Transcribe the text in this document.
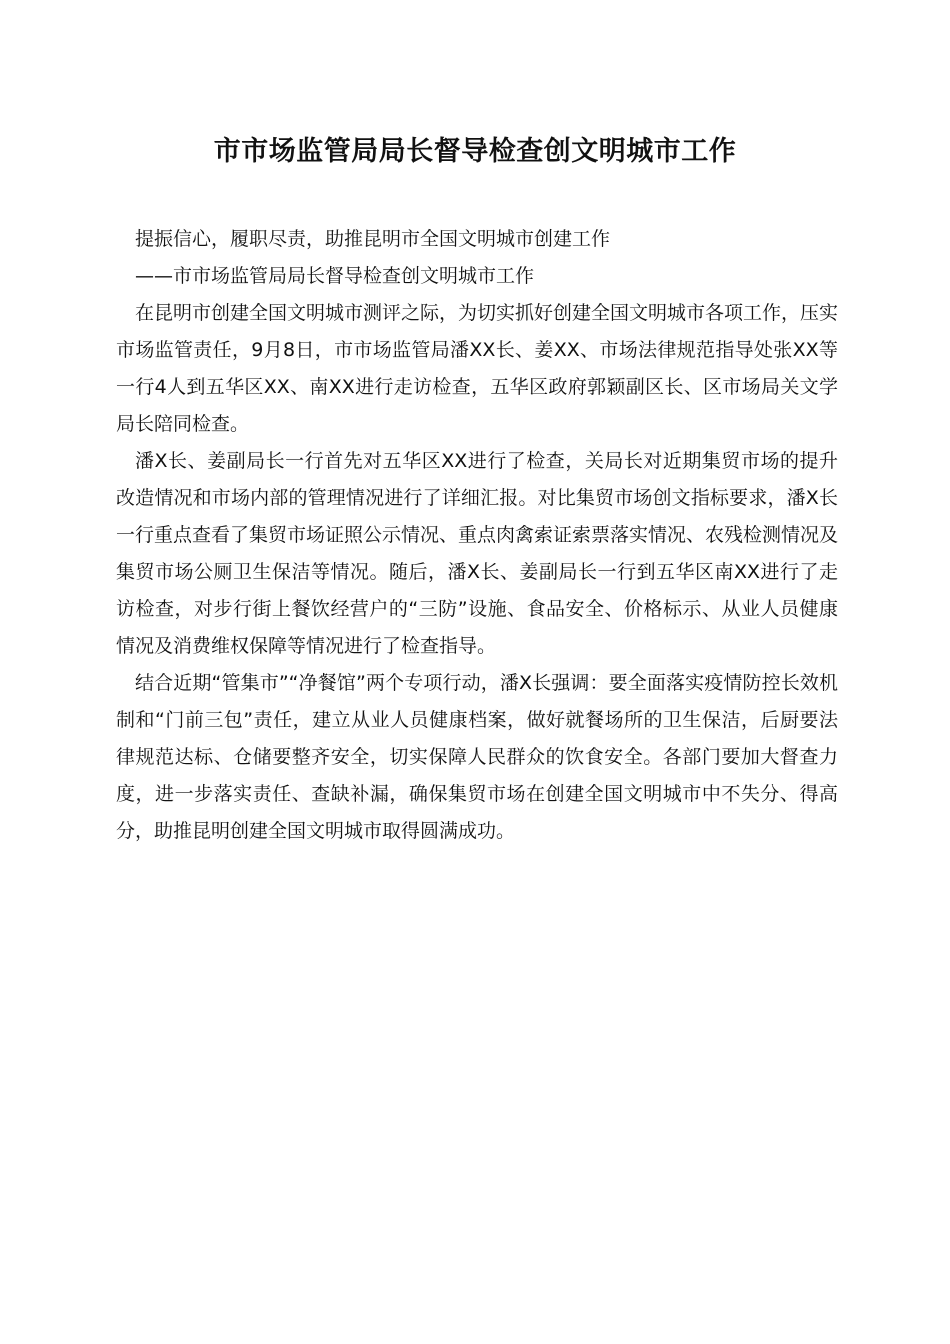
市市场监管局局长督导检查创文明城市工作

提振信心，履职尽责，助推昆明市全国文明城市创建工作

——市市场监管局局长督导检查创文明城市工作

在昆明市创建全国文明城市测评之际，为切实抓好创建全国文明城市各项工作，压实市场监管责任，9月8日，市市场监管局潘XX长、姜XX、市场法律规范指导处张XX等一行4人到五华区XX、南XX进行走访检查，五华区政府郭颖副区长、区市场局关文学局长陪同检查。

潘X长、姜副局长一行首先对五华区XX进行了检查，关局长对近期集贸市场的提升改造情况和市场内部的管理情况进行了详细汇报。对比集贸市场创文指标要求，潘X长一行重点查看了集贸市场证照公示情况、重点肉禽索证索票落实情况、农残检测情况及集贸市场公厕卫生保洁等情况。随后，潘X长、姜副局长一行到五华区南XX进行了走访检查，对步行街上餐饮经营户的“三防”设施、食品安全、价格标示、从业人员健康情况及消费维权保障等情况进行了检查指导。

结合近期“管集市”“净餐馆”两个专项行动，潘X长强调：要全面落实疫情防控长效机制和“门前三包”责任，建立从业人员健康档案，做好就餐场所的卫生保洁，后厨要法律规范达标、仓储要整齐安全，切实保障人民群众的饮食安全。各部门要加大督查力度，进一步落实责任、查缺补漏，确保集贸市场在创建全国文明城市中不失分、得高分，助推昆明创建全国文明城市取得圆满成功。
